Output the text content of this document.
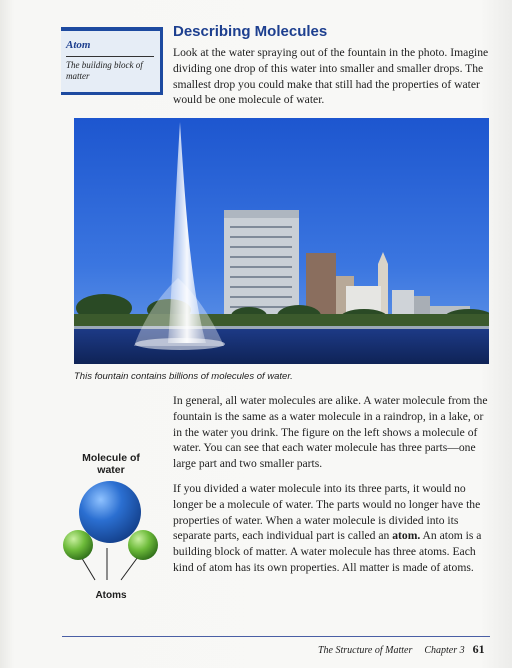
Atom
The building block of matter
Describing Molecules

Look at the water spraying out of the fountain in the photo. Imagine dividing one drop of this water into smaller and smaller drops. The smallest drop you could make that still had the properties of water would be one molecule of water.

This fountain contains billions of molecules of water.

In general, all water molecules are alike. A water molecule from the fountain is the same as a water molecule in a raindrop, in a lake, or in the water you drink. The figure on the left shows a molecule of water. You can see that each water molecule has three parts—one large part and two smaller parts.

If you divided a water molecule into its three parts, it would no longer be a molecule of water. The parts would no longer have the properties of water. When a water molecule is divided into its separate parts, each individual part is called an atom. An atom is a building block of matter. A water molecule has three atoms. Each kind of atom has its own properties. All matter is made of atoms.

Molecule of water
Atoms
The Structure of Matter Chapter 3 61
